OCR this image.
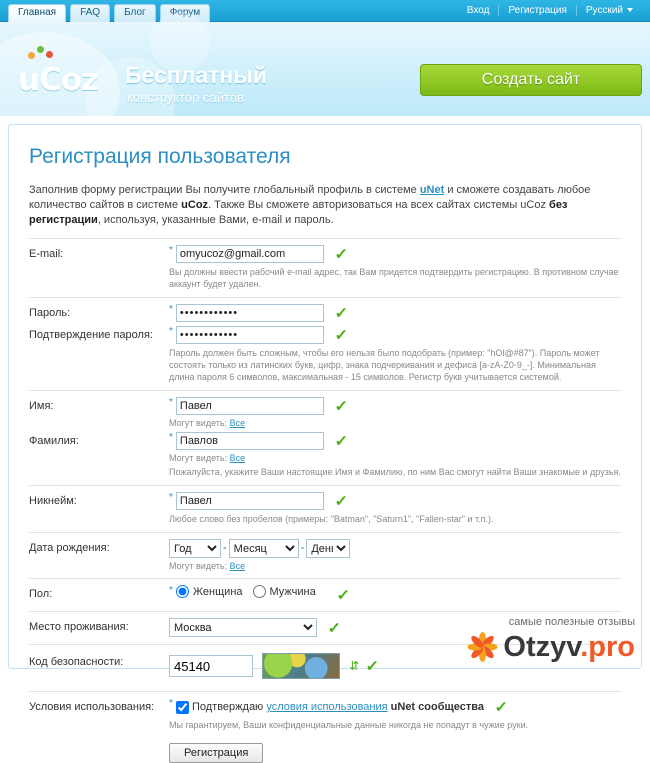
Главная	FAQ	Блог	Форум	Вход	Регистрация	Русский
uCoz Бесплатный
конструктор сайтов
Создать сайт
Регистрация пользователя
Заполнив форму регистрации Вы получите глобальный профиль в системе uNet и сможете создавать любое количество сайтов в системе uCoz. Также Вы сможете авторизоваться на всех сайтах системы uCoz без регистрации, используя, указанные Вами, e-mail и пароль.
E-mail:	*omyucoz@gmail.com	✓
Вы должны ввести рабочий e-mail адрес, так Вам придется подтвердить регистрацию. В противном случае аккаунт будет удален.
Пароль:	*••••••••••••	✓
Подтверждение пароля:	*••••••••••••	✓
Пароль должен быть сложным, чтобы его нельзя было подобрать (пример: "hOl@#87"). Пароль может состоять только из латинских букв, цифр, знака подчеркивания и дефиса [a-zA-Z0-9_-]. Минимальная длина пароля 6 символов, максимальная - 15 символов. Регистр букв учитывается системой.
Имя:	*Павел	✓
Могут видеть: Все
Фамилия:	*Павлов	✓
Могут видеть: Все
Пожалуйста, укажите Ваши настоящие Имя и Фамилию, по ним Вас смогут найти Ваши знакомые и друзья.
Никнейм:	*Павел	✓
Любое слово без пробелов (примеры: "Batman", "Saturn1", "Fallen-star" и т.п.).
Дата рождения:
Год	-
Месяц	-
День
Могут видеть: Все
Пол:	* Женщина Мужчина ✓
Место проживания:
Москва	✓
Код безопасности:
45140	⇵ ✓
Условия использования:	* Подтверждаю условия использования uNet сообщества ✓
Мы гарантируем, Ваши конфиденциальные данные никогда не попадут в чужие руки.
Регистрация
самые полезные отзывы
Otzyv.pro
